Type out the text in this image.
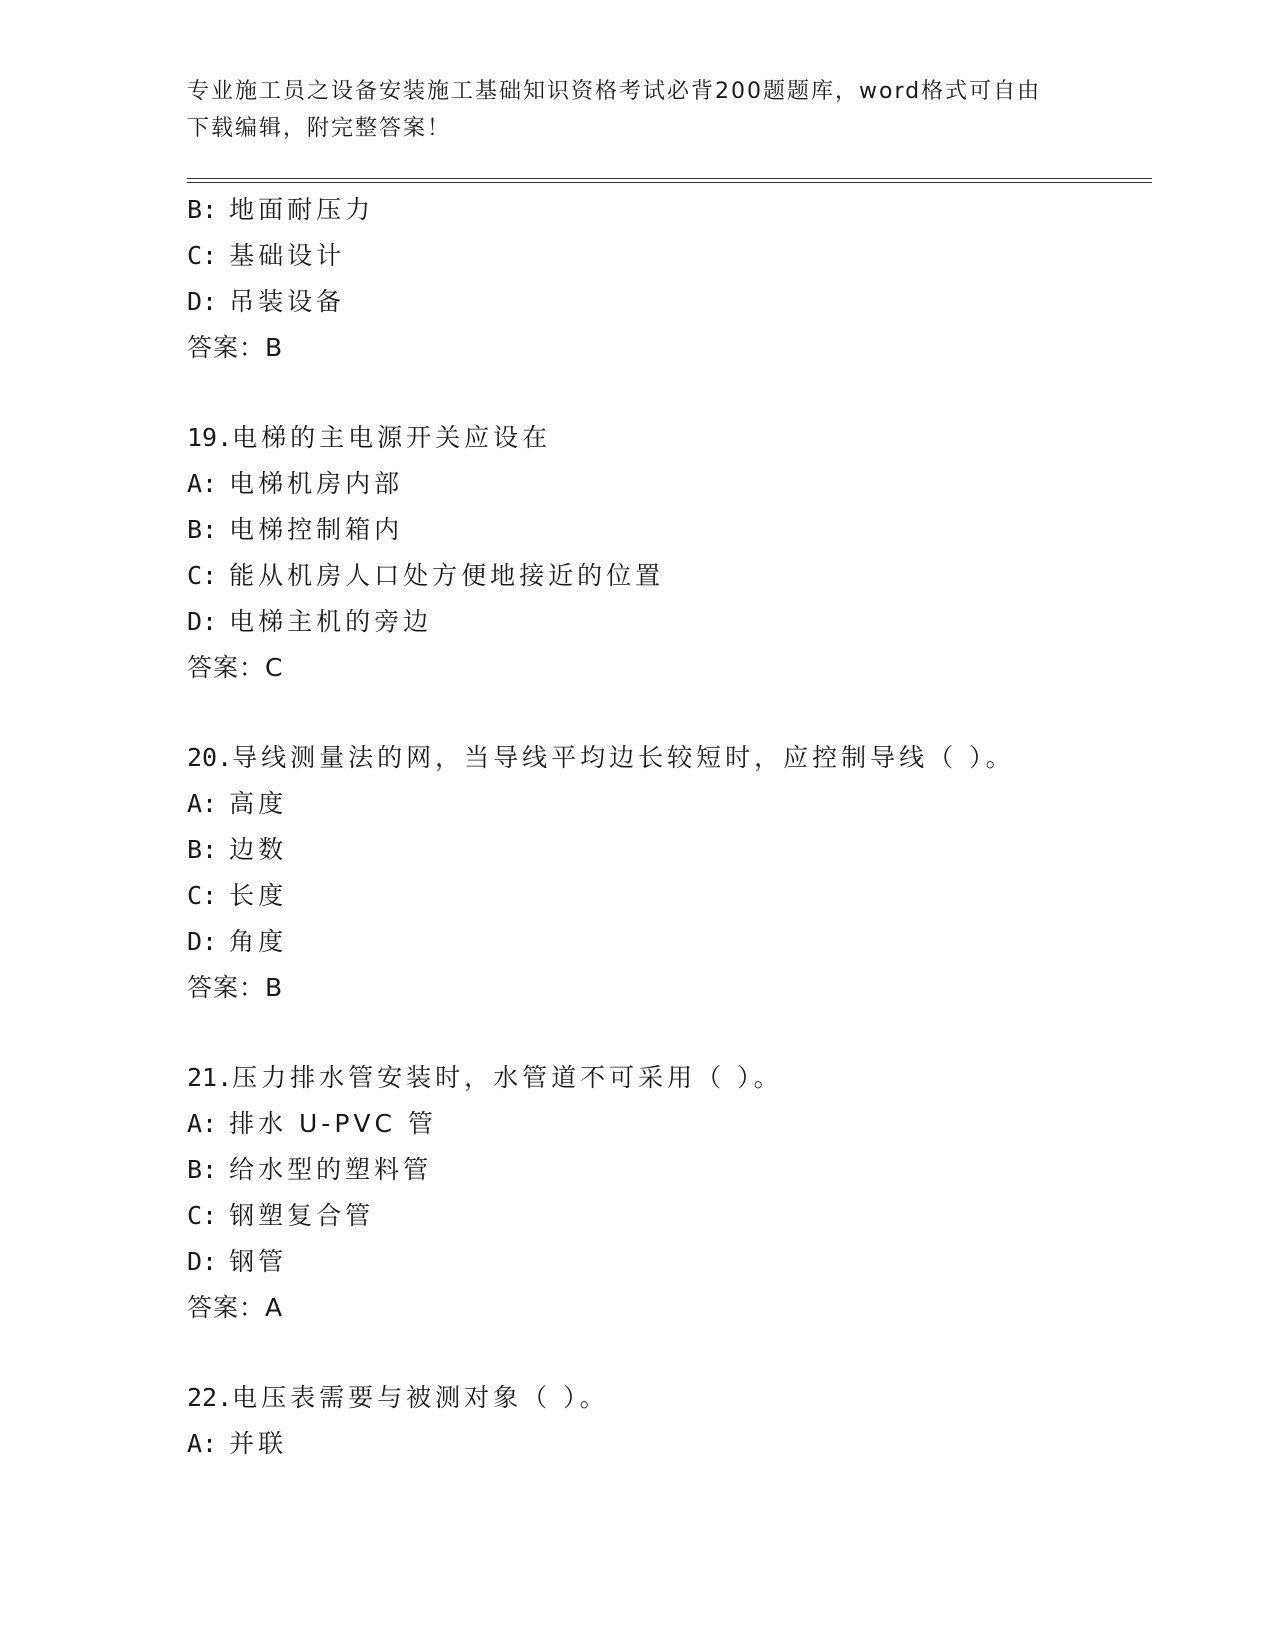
专业施工员之设备安装施工基础知识资格考试必背200题题库，word格式可自由
下载编辑，附完整答案！
B: 地面耐压力
C: 基础设计
D: 吊装设备
答案：B
19.电梯的主电源开关应设在
A: 电梯机房内部
B: 电梯控制箱内
C: 能从机房人口处方便地接近的位置
D: 电梯主机的旁边
答案：C
20.导线测量法的网，当导线平均边长较短时，应控制导线（ ）。
A: 高度
B: 边数
C: 长度
D: 角度
答案：B
21.压力排水管安装时，水管道不可采用（ ）。
A: 排水 U-PVC 管
B: 给水型的塑料管
C: 钢塑复合管
D: 钢管
答案：A
22.电压表需要与被测对象（ ）。
A: 并联
